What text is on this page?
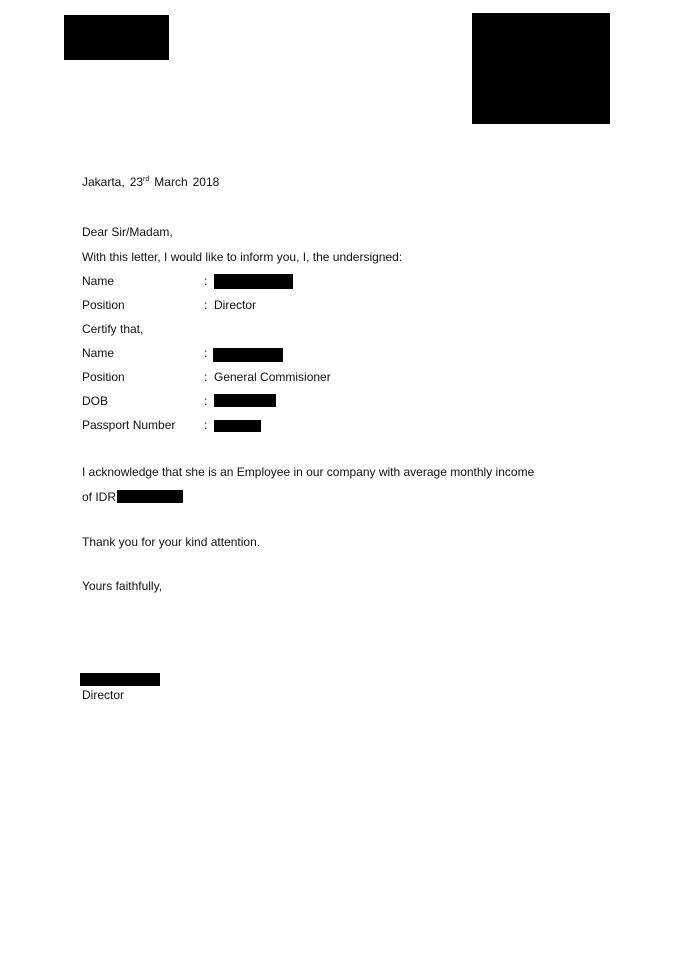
Jakarta, 23rd March 2018
Dear Sir/Madam,
With this letter, I would like to inform you, I, the undersigned:
Name	:
Position	: Director
Certify that,
Name	:
Position	: General Commisioner
DOB	:
Passport Number :
I acknowledge that she is an Employee in our company with average monthly income
of IDR
Thank you for your kind attention.
Yours faithfully,
Director
